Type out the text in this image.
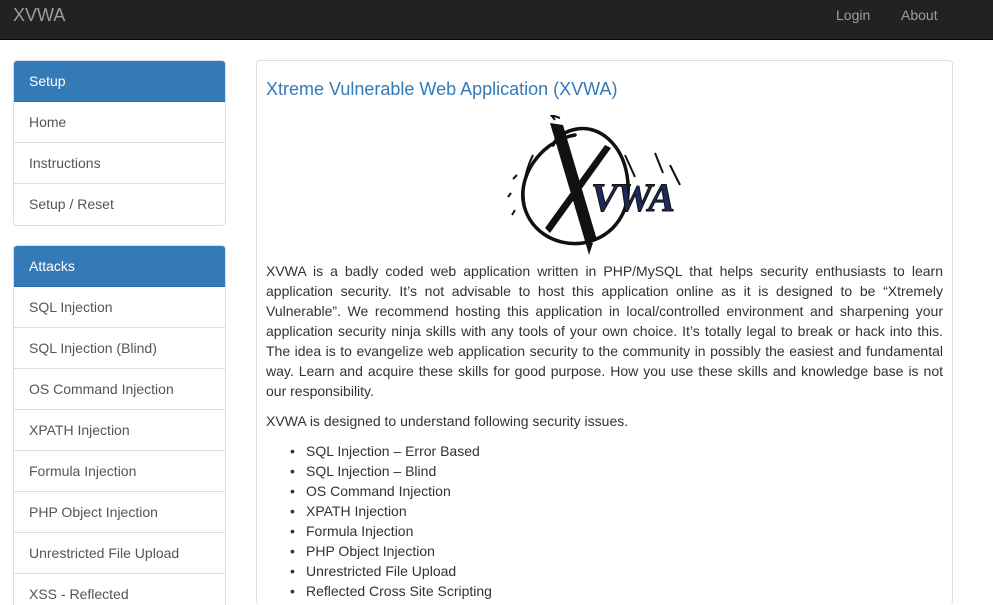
XVWA	Login About
Setup
Home
Instructions
Setup / Reset
Attacks
SQL Injection
SQL Injection (Blind)
OS Command Injection
XPATH Injection
Formula Injection
PHP Object Injection
Unrestricted File Upload
XSS - Reflected
Xtreme Vulnerable Web Application (XVWA)
VWA

XVWA is a badly coded web application written in PHP/MySQL that helps security enthusiasts to learn application security. It’s not advisable to host this application online as it is designed to be “Xtremely Vulnerable”. We recommend hosting this application in local/controlled environment and sharpening your application security ninja skills with any tools of your own choice. It’s totally legal to break or hack into this. The idea is to evangelize web application security to the community in possibly the easiest and fundamental way. Learn and acquire these skills for good purpose. How you use these skills and knowledge base is not our responsibility.

XVWA is designed to understand following security issues.

• SQL Injection – Error Based
• SQL Injection – Blind
• OS Command Injection
• XPATH Injection
• Formula Injection
• PHP Object Injection
• Unrestricted File Upload
• Reflected Cross Site Scripting
